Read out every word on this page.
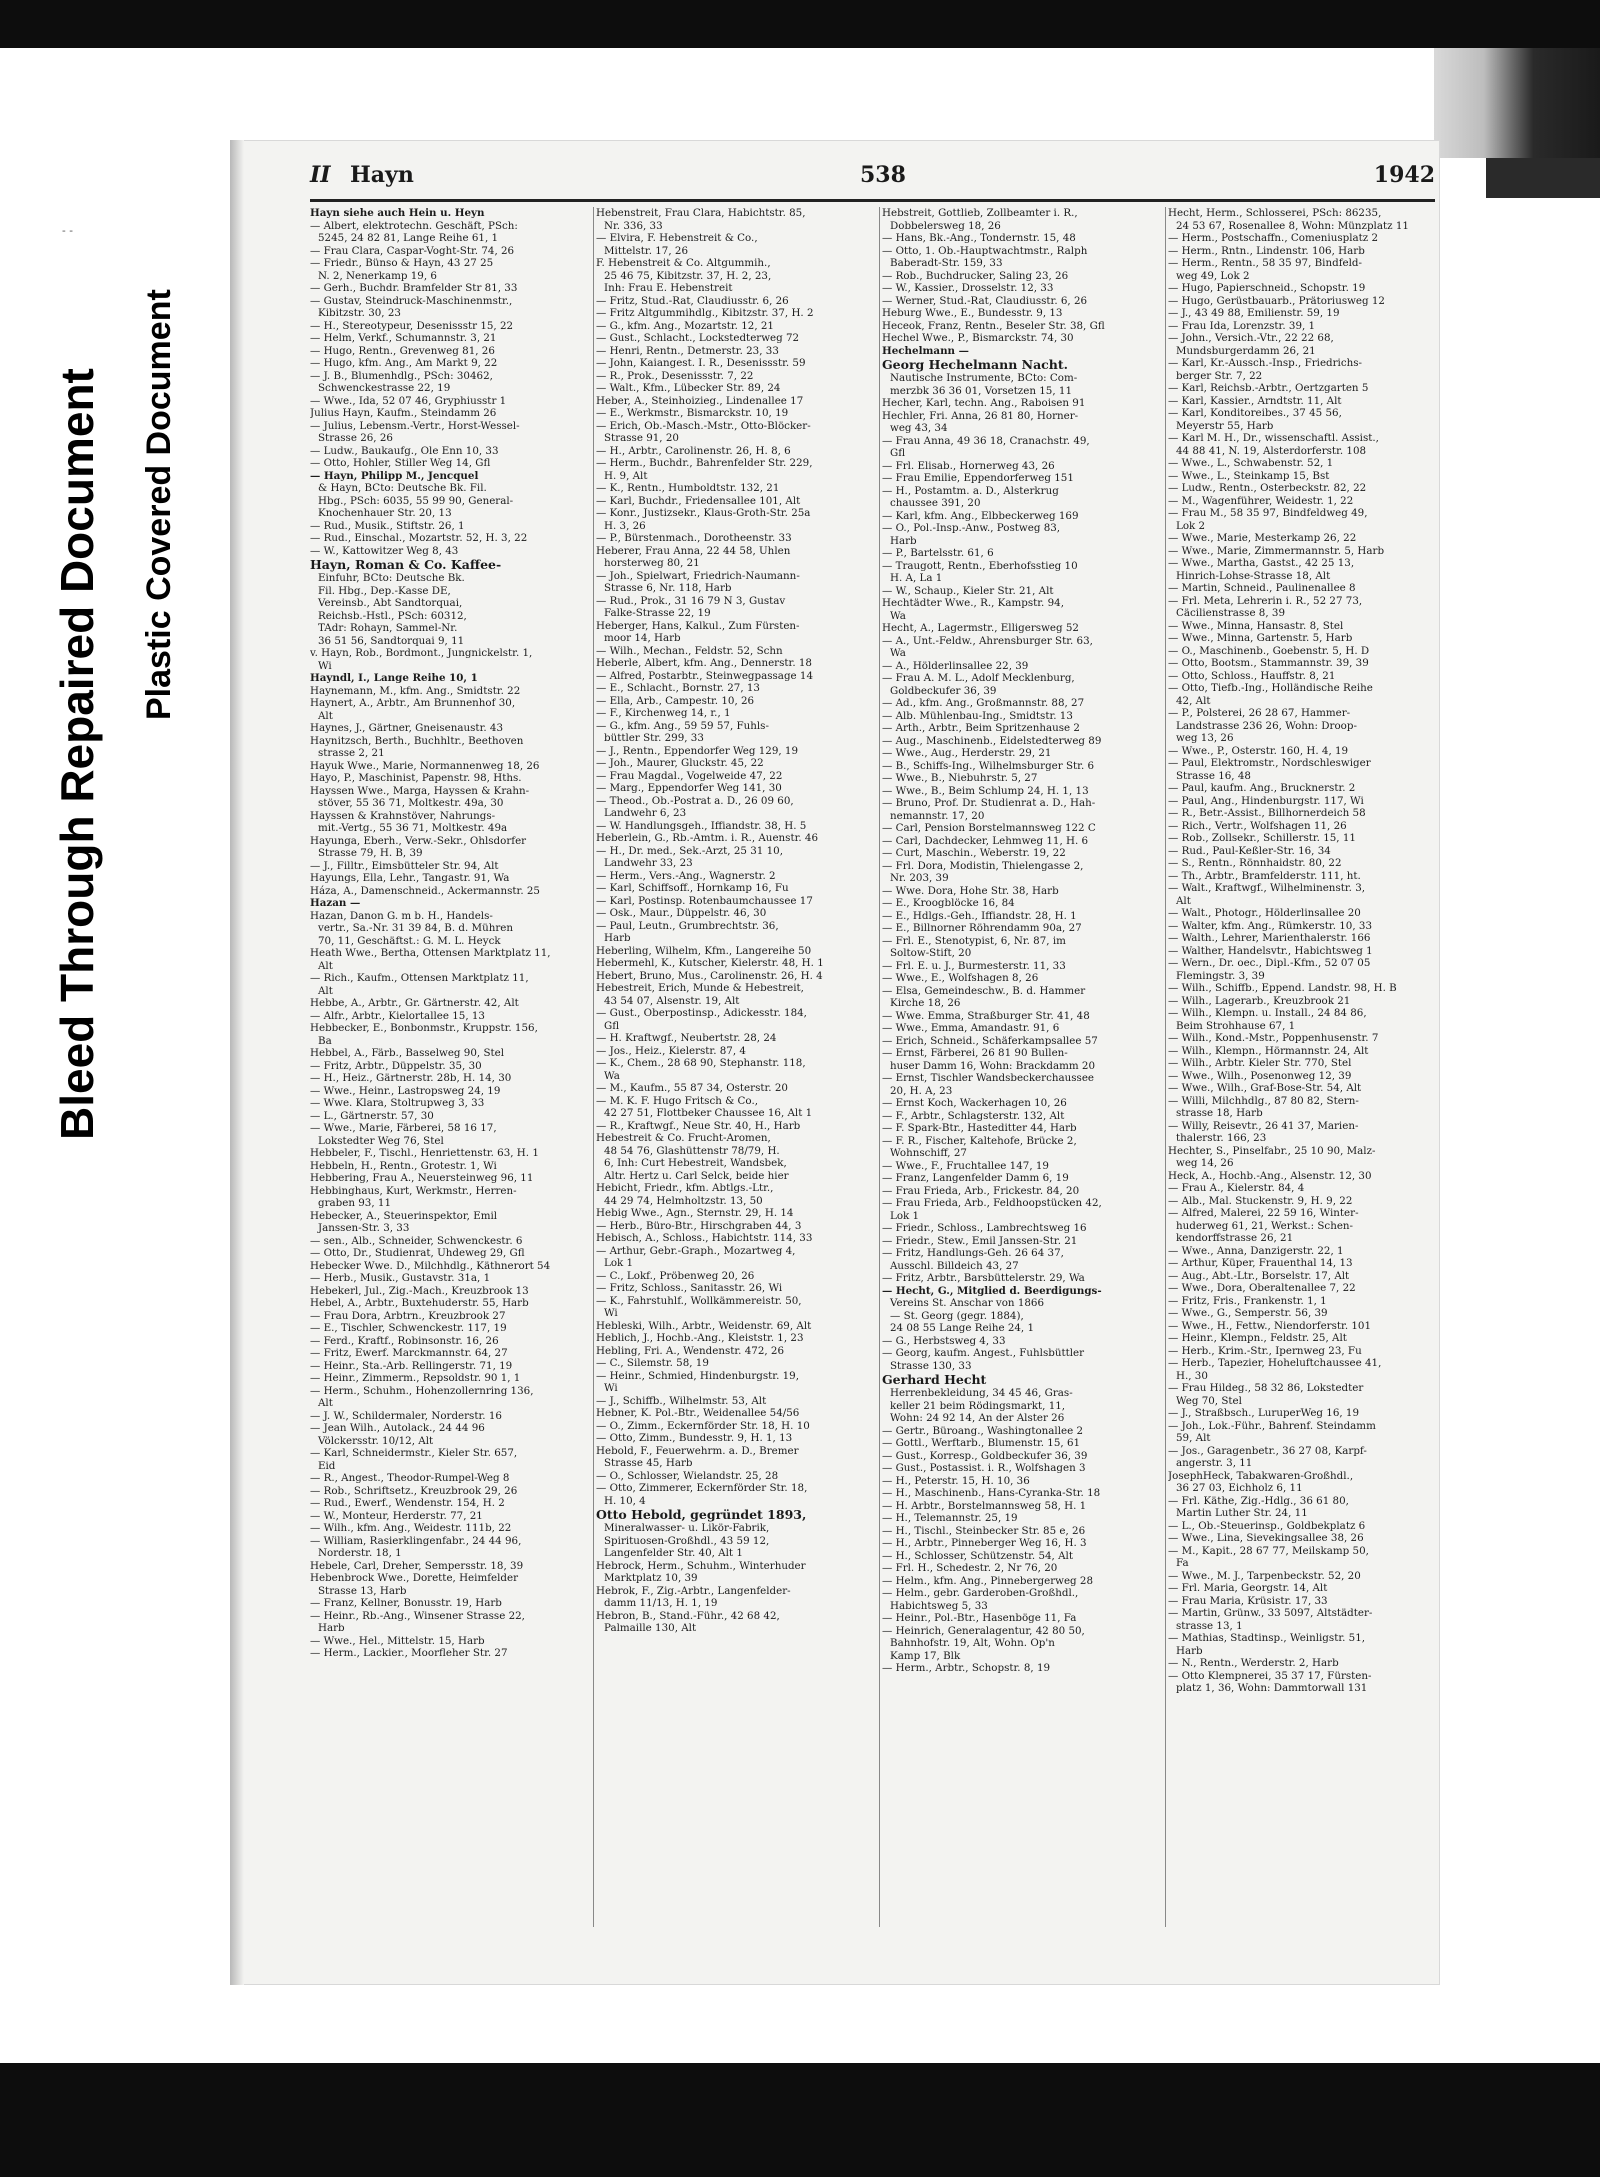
- -
Bleed Through Repaired Document Plastic Covered Document
II Hayn	538	1942
Hayn siehe auch Hein u. Heyn
— Albert, elektrotechn. Geschäft, PSch:
5245, 24 82 81, Lange Reihe 61, 1
— Frau Clara, Caspar-Voght-Str. 74, 26
— Friedr., Bünso & Hayn, 43 27 25
N. 2, Nenerkamp 19, 6
— Gerh., Buchdr. Bramfelder Str 81, 33
— Gustav, Steindruck-Maschinenmstr.,
Kibitzstr. 30, 23
— H., Stereotypeur, Desenissstr 15, 22
— Helm, Verkf., Schumannstr. 3, 21
— Hugo, Rentn., Grevenweg 81, 26
— Hugo, kfm. Ang., Am Markt 9, 22
— J. B., Blumenhdlg., PSch: 30462,
Schwenckestrasse 22, 19
— Wwe., Ida, 52 07 46, Gryphiusstr 1
Julius Hayn, Kaufm., Steindamm 26
— Julius, Lebensm.-Vertr., Horst-Wessel-
Strasse 26, 26
— Ludw., Baukaufg., Ole Enn 10, 33
— Otto, Hohler, Stiller Weg 14, Gfl
— Hayn, Philipp M., Jencquel
& Hayn, BCto: Deutsche Bk. Fil.
Hbg., PSch: 6035, 55 99 90, General-
Knochenhauer Str. 20, 13
— Rud., Musik., Stiftstr. 26, 1
— Rud., Einschal., Mozartstr. 52, H. 3, 22
— W., Kattowitzer Weg 8, 43
Hayn, Roman & Co. Kaffee-
Einfuhr, BCto: Deutsche Bk.
Fil. Hbg., Dep.-Kasse DE,
Vereinsb., Abt Sandtorquai,
Reichsb.-Hstl., PSch: 60312,
TAdr: Rohayn, Sammel-Nr.
36 51 56, Sandtorquai 9, 11
v. Hayn, Rob., Bordmont., Jungnickelstr. 1,
Wi
Hayndl, I., Lange Reihe 10, 1
Haynemann, M., kfm. Ang., Smidtstr. 22
Haynert, A., Arbtr., Am Brunnenhof 30,
Alt
Haynes, J., Gärtner, Gneisenaustr. 43
Haynitzsch, Berth., Buchhltr., Beethoven
strasse 2, 21
Hayuk Wwe., Marie, Normannenweg 18, 26
Hayo, P., Maschinist, Papenstr. 98, Hths.
Hayssen Wwe., Marga, Hayssen & Krahn-
stöver, 55 36 71, Moltkestr. 49a, 30
Hayssen & Krahnstöver, Nahrungs-
mit.-Vertg., 55 36 71, Moltkestr. 49a
Hayunga, Eberh., Verw.-Sekr., Ohlsdorfer
Strasse 79, H. B, 39
— J., Filltr., Eimsbütteler Str. 94, Alt
Hayungs, Ella, Lehr., Tangastr. 91, Wa
Háza, A., Damenschneid., Ackermannstr. 25
Hazan —
Hazan, Danon G. m b. H., Handels-
vertr., Sa.-Nr. 31 39 84, B. d. Mühren
70, 11, Geschäftst.: G. M. L. Heyck
Heath Wwe., Bertha, Ottensen Marktplatz 11,
Alt
— Rich., Kaufm., Ottensen Marktplatz 11,
Alt
Hebbe, A., Arbtr., Gr. Gärtnerstr. 42, Alt
— Alfr., Arbtr., Kielortallee 15, 13
Hebbecker, E., Bonbonmstr., Kruppstr. 156,
Ba
Hebbel, A., Färb., Basselweg 90, Stel
— Fritz, Arbtr., Düppelstr. 35, 30
— H., Heiz., Gärtnerstr. 28b, H. 14, 30
— Wwe., Heinr., Lastropsweg 24, 19
— Wwe. Klara, Stoltrupweg 3, 33
— L., Gärtnerstr. 57, 30
— Wwe., Marie, Färberei, 58 16 17,
Lokstedter Weg 76, Stel
Hebbeler, F., Tischl., Henriettenstr. 63, H. 1
Hebbeln, H., Rentn., Grotestr. 1, Wi
Hebbering, Frau A., Neuersteinweg 96, 11
Hebbinghaus, Kurt, Werkmstr., Herren-
graben 93, 11
Hebecker, A., Steuerinspektor, Emil
Janssen-Str. 3, 33
— sen., Alb., Schneider, Schwenckestr. 6
— Otto, Dr., Studienrat, Uhdeweg 29, Gfl
Hebecker Wwe. D., Milchhdlg., Käthnerort 54
— Herb., Musik., Gustavstr. 31a, 1
Hebekerl, Jul., Zig.-Mach., Kreuzbrook 13
Hebel, A., Arbtr., Buxtehuderstr. 55, Harb
— Frau Dora, Arbtrn., Kreuzbrook 27
— E., Tischler, Schwenckestr. 117, 19
— Ferd., Kraftf., Robinsonstr. 16, 26
— Fritz, Ewerf. Marckmannstr. 64, 27
— Heinr., Sta.-Arb. Rellingerstr. 71, 19
— Heinr., Zimmerm., Repsoldstr. 90 1, 1
— Herm., Schuhm., Hohenzollernring 136,
Alt
— J. W., Schildermaler, Norderstr. 16
— Jean Wilh., Autolack., 24 44 96
Völckersstr. 10/12, Alt
— Karl, Schneidermstr., Kieler Str. 657,
Eid
— R., Angest., Theodor-Rumpel-Weg 8
— Rob., Schriftsetz., Kreuzbrook 29, 26
— Rud., Ewerf., Wendenstr. 154, H. 2
— W., Monteur, Herderstr. 77, 21
— Wilh., kfm. Ang., Weidestr. 111b, 22
— William, Rasierklingenfabr., 24 44 96,
Norderstr. 18, 1
Hebele, Carl, Dreher, Sempersstr. 18, 39
Hebenbrock Wwe., Dorette, Heimfelder
Strasse 13, Harb
— Franz, Kellner, Bonusstr. 19, Harb
— Heinr., Rb.-Ang., Winsener Strasse 22,
Harb
— Wwe., Hel., Mittelstr. 15, Harb
— Herm., Lackier., Moorfleher Str. 27
Hebenstreit, Frau Clara, Habichtstr. 85,
Nr. 336, 33
— Elvira, F. Hebenstreit & Co.,
Mittelstr. 17, 26
F. Hebenstreit & Co. Altgummih.,
25 46 75, Kibitzstr. 37, H. 2, 23,
Inh: Frau E. Hebenstreit
— Fritz, Stud.-Rat, Claudiusstr. 6, 26
— Fritz Altgummihdlg., Kibitzstr. 37, H. 2
— G., kfm. Ang., Mozartstr. 12, 21
— Gust., Schlacht., Lockstedterweg 72
— Henri, Rentn., Detmerstr. 23, 33
— John, Kaiangest. I. R., Desenissstr. 59
— R., Prok., Desenissstr. 7, 22
— Walt., Kfm., Lübecker Str. 89, 24
Heber, A., Steinhoizieg., Lindenallee 17
— E., Werkmstr., Bismarckstr. 10, 19
— Erich, Ob.-Masch.-Mstr., Otto-Blöcker-
Strasse 91, 20
— H., Arbtr., Carolinenstr. 26, H. 8, 6
— Herm., Buchdr., Bahrenfelder Str. 229,
H. 9, Alt
— K., Rentn., Humboldtstr. 132, 21
— Karl, Buchdr., Friedensallee 101, Alt
— Konr., Justizsekr., Klaus-Groth-Str. 25a
H. 3, 26
— P., Bürstenmach., Dorotheenstr. 33
Heberer, Frau Anna, 22 44 58, Uhlen
horsterweg 80, 21
— Joh., Spielwart, Friedrich-Naumann-
Strasse 6, Nr. 118, Harb
— Rud., Prok., 31 16 79 N 3, Gustav
Falke-Strasse 22, 19
Heberger, Hans, Kalkul., Zum Fürsten-
moor 14, Harb
— Wilh., Mechan., Feldstr. 52, Schn
Heberle, Albert, kfm. Ang., Dennerstr. 18
— Alfred, Postarbtr., Steinwegpassage 14
— E., Schlacht., Bornstr. 27, 13
— Ella, Arb., Campestr. 10, 26
— F., Kirchenweg 14, r., 1
— G., kfm. Ang., 59 59 57, Fuhls-
büttler Str. 299, 33
— J., Rentn., Eppendorfer Weg 129, 19
— Joh., Maurer, Gluckstr. 45, 22
— Frau Magdal., Vogelweide 47, 22
— Marg., Eppendorfer Weg 141, 30
— Theod., Ob.-Postrat a. D., 26 09 60,
Landwehr 6, 23
— W. Handlungsgeh., Iffiandstr. 38, H. 5
Heberlein, G., Rb.-Amtm. i. R., Auenstr. 46
— H., Dr. med., Sek.-Arzt, 25 31 10,
Landwehr 33, 23
— Herm., Vers.-Ang., Wagnerstr. 2
— Karl, Schiffsoff., Hornkamp 16, Fu
— Karl, Postinsp. Rotenbaumchaussee 17
— Osk., Maur., Düppelstr. 46, 30
— Paul, Leutn., Grumbrechtstr. 36,
Harb
Heberling, Wilhelm, Kfm., Langereihe 50
Hebermehl, K., Kutscher, Kielerstr. 48, H. 1
Hebert, Bruno, Mus., Carolinenstr. 26, H. 4
Hebestreit, Erich, Munde & Hebestreit,
43 54 07, Alsenstr. 19, Alt
— Gust., Oberpostinsp., Adickesstr. 184,
Gfl
— H. Kraftwgf., Neubertstr. 28, 24
— Jos., Heiz., Kielerstr. 87, 4
— K., Chem., 28 68 90, Stephanstr. 118,
Wa
— M., Kaufm., 55 87 34, Osterstr. 20
— M. K. F. Hugo Fritsch & Co.,
42 27 51, Flottbeker Chaussee 16, Alt 1
— R., Kraftwgf., Neue Str. 40, H., Harb
Hebestreit & Co. Frucht-Aromen,
48 54 76, Glashüttenstr 78/79, H.
6, Inh: Curt Hebestreit, Wandsbek,
Altr. Hertz u. Carl Selck, beide hier
Hebicht, Friedr., kfm. Abtlgs.-Ltr.,
44 29 74, Helmholtzstr. 13, 50
Hebig Wwe., Agn., Sternstr. 29, H. 14
— Herb., Büro-Btr., Hirschgraben 44, 3
Hebisch, A., Schloss., Habichtstr. 114, 33
— Arthur, Gebr.-Graph., Mozartweg 4,
Lok 1
— C., Lokf., Pröbenweg 20, 26
— Fritz, Schloss., Sanitasstr. 26, Wi
— K., Fahrstuhlf., Wollkämmereistr. 50,
Wi
Hebleski, Wilh., Arbtr., Weidenstr. 69, Alt
Heblich, J., Hochb.-Ang., Kleiststr. 1, 23
Hebling, Fri. A., Wendenstr. 472, 26
— C., Silemstr. 58, 19
— Heinr., Schmied, Hindenburgstr. 19,
Wi
— J., Schiffb., Wilhelmstr. 53, Alt
Hebner, K. Pol.-Btr., Weidenallee 54/56
— O., Zimm., Eckernförder Str. 18, H. 10
— Otto, Zimm., Bundesstr. 9, H. 1, 13
Hebold, F., Feuerwehrm. a. D., Bremer
Strasse 45, Harb
— O., Schlosser, Wielandstr. 25, 28
— Otto, Zimmerer, Eckernförder Str. 18,
H. 10, 4
Otto Hebold, gegründet 1893,
Mineralwasser- u. Likör-Fabrik,
Spirituosen-Großhdl., 43 59 12,
Langenfelder Str. 40, Alt 1
Hebrock, Herm., Schuhm., Winterhuder
Marktplatz 10, 39
Hebrok, F., Zig.-Arbtr., Langenfelder-
damm 11/13, H. 1, 19
Hebron, B., Stand.-Führ., 42 68 42,
Palmaille 130, Alt
Hebstreit, Gottlieb, Zollbeamter i. R.,
Dobbelersweg 18, 26
— Hans, Bk.-Ang., Tondernstr. 15, 48
— Otto, 1. Ob.-Hauptwachtmstr., Ralph
Baberadt-Str. 159, 33
— Rob., Buchdrucker, Saling 23, 26
— W., Kassier., Drosselstr. 12, 33
— Werner, Stud.-Rat, Claudiusstr. 6, 26
Heburg Wwe., E., Bundesstr. 9, 13
Heceok, Franz, Rentn., Beseler Str. 38, Gfl
Hechel Wwe., P., Bismarckstr. 74, 30
Hechelmann —
Georg Hechelmann Nacht.
Nautische Instrumente, BCto: Com-
merzbk 36 36 01, Vorsetzen 15, 11
Hecher, Karl, techn. Ang., Raboisen 91
Hechler, Fri. Anna, 26 81 80, Horner-
weg 43, 34
— Frau Anna, 49 36 18, Cranachstr. 49,
Gfl
— Frl. Elisab., Hornerweg 43, 26
— Frau Emilie, Eppendorferweg 151
— H., Postamtm. a. D., Alsterkrug
chaussee 391, 20
— Karl, kfm. Ang., Elbbeckerweg 169
— O., Pol.-Insp.-Anw., Postweg 83,
Harb
— P., Bartelsstr. 61, 6
— Traugott, Rentn., Eberhofsstieg 10
H. A, La 1
— W., Schaup., Kieler Str. 21, Alt
Hechtädter Wwe., R., Kampstr. 94,
Wa
Hecht, A., Lagermstr., Elligersweg 52
— A., Unt.-Feldw., Ahrensburger Str. 63,
Wa
— A., Hölderlinsallee 22, 39
— Frau A. M. L., Adolf Mecklenburg,
Goldbeckufer 36, 39
— Ad., kfm. Ang., Großmannstr. 88, 27
— Alb. Mühlenbau-Ing., Smidtstr. 13
— Arth., Arbtr., Beim Spritzenhause 2
— Aug., Maschinenb., Eidelstedterweg 89
— Wwe., Aug., Herderstr. 29, 21
— B., Schiffs-Ing., Wilhelmsburger Str. 6
— Wwe., B., Niebuhrstr. 5, 27
— Wwe., B., Beim Schlump 24, H. 1, 13
— Bruno, Prof. Dr. Studienrat a. D., Hah-
nemannstr. 17, 20
— Carl, Pension Borstelmannsweg 122 C
— Carl, Dachdecker, Lehmweg 11, H. 6
— Curt, Maschin., Weberstr. 19, 22
— Frl. Dora, Modistin, Thielengasse 2,
Nr. 203, 39
— Wwe. Dora, Hohe Str. 38, Harb
— E., Kroogblöcke 16, 84
— E., Hdlgs.-Geh., Iffiandstr. 28, H. 1
— E., Billnorner Röhrendamm 90a, 27
— Frl. E., Stenotypist, 6, Nr. 87, im
Soltow-Stift, 20
— Frl. E. u. J., Burmesterstr. 11, 33
— Wwe., E., Wolfshagen 8, 26
— Elsa, Gemeindeschw., B. d. Hammer
Kirche 18, 26
— Wwe. Emma, Straßburger Str. 41, 48
— Wwe., Emma, Amandastr. 91, 6
— Erich, Schneid., Schäferkampsallee 57
— Ernst, Färberei, 26 81 90 Bullen-
huser Damm 16, Wohn: Brackdamm 20
— Ernst, Tischler Wandsbeckerchaussee
20, H. A, 23
— Ernst Koch, Wackerhagen 10, 26
— F., Arbtr., Schlagsterstr. 132, Alt
— F. Spark-Btr., Hasteditter 44, Harb
— F. R., Fischer, Kaltehofe, Brücke 2,
Wohnschiff, 27
— Wwe., F., Fruchtallee 147, 19
— Franz, Langenfelder Damm 6, 19
— Frau Frieda, Arb., Frickestr. 84, 20
— Frau Frieda, Arb., Feldhoopstücken 42,
Lok 1
— Friedr., Schloss., Lambrechtsweg 16
— Friedr., Stew., Emil Janssen-Str. 21
— Fritz, Handlungs-Geh. 26 64 37,
Ausschl. Billdeich 43, 27
— Fritz, Arbtr., Barsbüttelerstr. 29, Wa
— Hecht, G., Mitglied d. Beerdigungs-
Vereins St. Anschar von 1866
— St. Georg (gegr. 1884),
24 08 55 Lange Reihe 24, 1
— G., Herbstsweg 4, 33
— Georg, kaufm. Angest., Fuhlsbüttler
Strasse 130, 33
Gerhard Hecht
Herrenbekleidung, 34 45 46, Gras-
keller 21 beim Rödingsmarkt, 11,
Wohn: 24 92 14, An der Alster 26
— Gertr., Büroang., Washingtonallee 2
— Gottl., Werftarb., Blumenstr. 15, 61
— Gust., Korresp., Goldbeckufer 36, 39
— Gust., Postassist. i. R., Wolfshagen 3
— H., Peterstr. 15, H. 10, 36
— H., Maschinenb., Hans-Cyranka-Str. 18
— H. Arbtr., Borstelmannsweg 58, H. 1
— H., Telemannstr. 25, 19
— H., Tischl., Steinbecker Str. 85 e, 26
— H., Arbtr., Pinneberger Weg 16, H. 3
— H., Schlosser, Schützenstr. 54, Alt
— Frl. H., Schedestr. 2, Nr 76, 20
— Helm., kfm. Ang., Pinnebergerweg 28
— Helm., gebr. Garderoben-Großhdl.,
Habichtsweg 5, 33
— Heinr., Pol.-Btr., Hasenböge 11, Fa
— Heinrich, Generalagentur, 42 80 50,
Bahnhofstr. 19, Alt, Wohn. Op'n
Kamp 17, Blk
— Herm., Arbtr., Schopstr. 8, 19
Hecht, Herm., Schlosserei, PSch: 86235,
24 53 67, Rosenallee 8, Wohn: Münzplatz 11
— Herm., Postschaffn., Comeniusplatz 2
— Herm., Rntn., Lindenstr. 106, Harb
— Herm., Rentn., 58 35 97, Bindfeld-
weg 49, Lok 2
— Hugo, Papierschneid., Schopstr. 19
— Hugo, Gerüstbauarb., Prätoriusweg 12
— J., 43 49 88, Emilienstr. 59, 19
— Frau Ida, Lorenzstr. 39, 1
— John., Versich.-Vtr., 22 22 68,
Mundsburgerdamm 26, 21
— Karl, Kr.-Aussch.-Insp., Friedrichs-
berger Str. 7, 22
— Karl, Reichsb.-Arbtr., Oertzgarten 5
— Karl, Kassier., Arndtstr. 11, Alt
— Karl, Konditoreibes., 37 45 56,
Meyerstr 55, Harb
— Karl M. H., Dr., wissenschaftl. Assist.,
44 88 41, N. 19, Alsterdorferstr. 108
— Wwe., L., Schwabenstr. 52, 1
— Wwe., L., Steinkamp 15, Bst
— Ludw., Rentn., Osterbeckstr. 82, 22
— M., Wagenführer, Weidestr. 1, 22
— Frau M., 58 35 97, Bindfeldweg 49,
Lok 2
— Wwe., Marie, Mesterkamp 26, 22
— Wwe., Marie, Zimmermannstr. 5, Harb
— Wwe., Martha, Gastst., 42 25 13,
Hinrich-Lohse-Strasse 18, Alt
— Martin, Schneid., Paulinenallee 8
— Frl. Meta, Lehrerin i. R., 52 27 73,
Cäcilienstrasse 8, 39
— Wwe., Minna, Hansastr. 8, Stel
— Wwe., Minna, Gartenstr. 5, Harb
— O., Maschinenb., Goebenstr. 5, H. D
— Otto, Bootsm., Stammannstr. 39, 39
— Otto, Schloss., Hauffstr. 8, 21
— Otto, Tiefb.-Ing., Holländische Reihe
42, Alt
— P., Polsterei, 26 28 67, Hammer-
Landstrasse 236 26, Wohn: Droop-
weg 13, 26
— Wwe., P., Osterstr. 160, H. 4, 19
— Paul, Elektromstr., Nordschleswiger
Strasse 16, 48
— Paul, kaufm. Ang., Brucknerstr. 2
— Paul, Ang., Hindenburgstr. 117, Wi
— R., Betr.-Assist., Billhornerdeich 58
— Rich., Vertr., Wolfshagen 11, 26
— Rob., Zollsekr., Schillerstr. 15, 11
— Rud., Paul-Keßler-Str. 16, 34
— S., Rentn., Rönnhaidstr. 80, 22
— Th., Arbtr., Bramfelderstr. 111, ht.
— Walt., Kraftwgf., Wilhelminenstr. 3,
Alt
— Walt., Photogr., Hölderlinsallee 20
— Walter, kfm. Ang., Rümkerstr. 10, 33
— Walth., Lehrer, Marienthalerstr. 166
— Walther, Handelsvtr., Habichtsweg 1
— Wern., Dr. oec., Dipl.-Kfm., 52 07 05
Flemingstr. 3, 39
— Wilh., Schiffb., Eppend. Landstr. 98, H. B
— Wilh., Lagerarb., Kreuzbrook 21
— Wilh., Klempn. u. Install., 24 84 86,
Beim Strohhause 67, 1
— Wilh., Kond.-Mstr., Poppenhusenstr. 7
— Wilh., Klempn., Hörmannstr. 24, Alt
— Wilh., Arbtr. Kieler Str. 770, Stel
— Wwe., Wilh., Posenonweg 12, 39
— Wwe., Wilh., Graf-Bose-Str. 54, Alt
— Willi, Milchhdlg., 87 80 82, Stern-
strasse 18, Harb
— Willy, Reisevtr., 26 41 37, Marien-
thalerstr. 166, 23
Hechter, S., Pinselfabr., 25 10 90, Malz-
weg 14, 26
Heck, A., Hochb.-Ang., Alsenstr. 12, 30
— Frau A., Kielerstr. 84, 4
— Alb., Mal. Stuckenstr. 9, H. 9, 22
— Alfred, Malerei, 22 59 16, Winter-
huderweg 61, 21, Werkst.: Schen-
kendorffstrasse 26, 21
— Wwe., Anna, Danzigerstr. 22, 1
— Arthur, Küper, Frauenthal 14, 13
— Aug., Abt.-Ltr., Borselstr. 17, Alt
— Wwe., Dora, Oberaltenallee 7, 22
— Fritz, Fris., Frankenstr. 1, 1
— Wwe., G., Semperstr. 56, 39
— Wwe., H., Fettw., Niendorferstr. 101
— Heinr., Klempn., Feldstr. 25, Alt
— Herb., Krim.-Str., Ipernweg 23, Fu
— Herb., Tapezier, Hoheluftchaussee 41,
H., 30
— Frau Hildeg., 58 32 86, Lokstedter
Weg 70, Stel
— J., Straßbsch., LuruperWeg 16, 19
— Joh., Lok.-Führ., Bahrenf. Steindamm
59, Alt
— Jos., Garagenbetr., 36 27 08, Karpf-
angerstr. 3, 11
JosephHeck, Tabakwaren-Großhdl.,
36 27 03, Eichholz 6, 11
— Frl. Käthe, Zig.-Hdlg., 36 61 80,
Martin Luther Str. 24, 11
— L., Ob.-Steuerinsp., Goldbekplatz 6
— Wwe., Lina, Sievekingsallee 38, 26
— M., Kapit., 28 67 77, Meilskamp 50,
Fa
— Wwe., M. J., Tarpenbeckstr. 52, 20
— Frl. Maria, Georgstr. 14, Alt
— Frau Maria, Krüsistr. 17, 33
— Martin, Grünw., 33 5097, Altstädter-
strasse 13, 1
— Mathias, Stadtinsp., Weinligstr. 51,
Harb
— N., Rentn., Werderstr. 2, Harb
— Otto Klempnerei, 35 37 17, Fürsten-
platz 1, 36, Wohn: Dammtorwall 131
